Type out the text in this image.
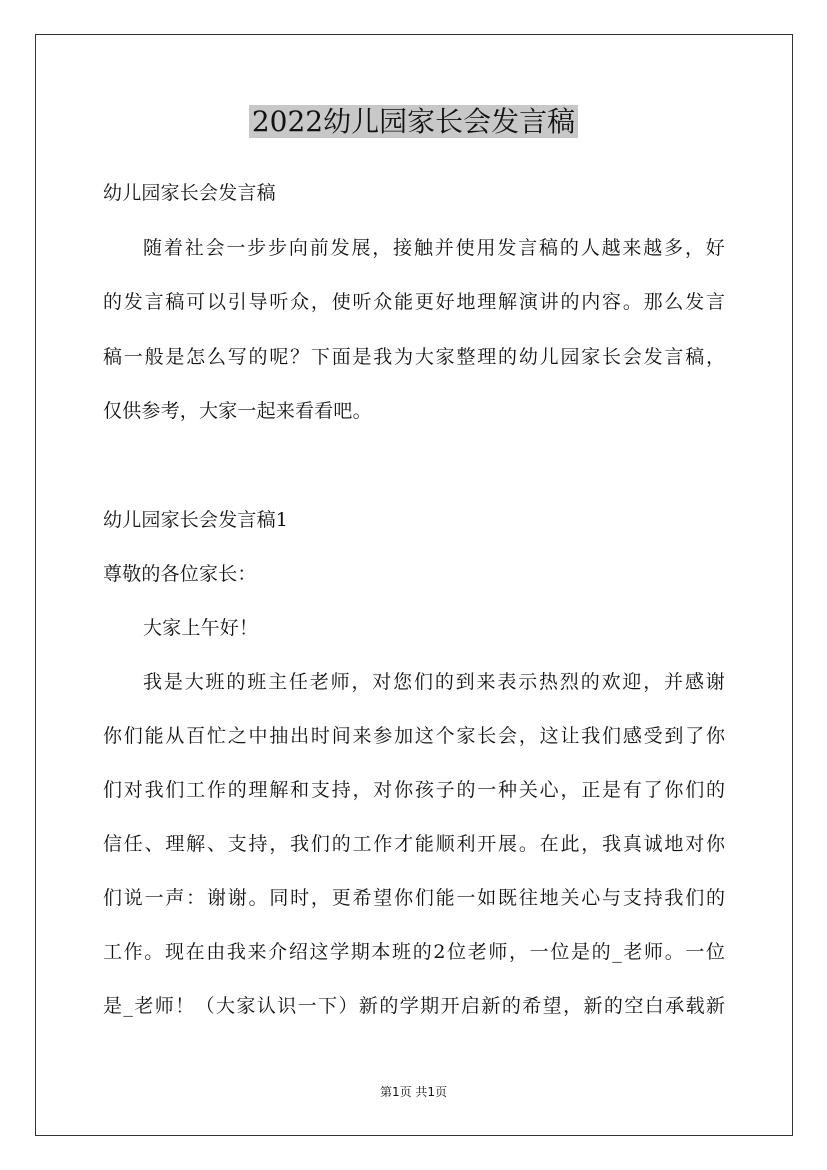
2022幼儿园家长会发言稿

幼儿园家长会发言稿

随着社会一步步向前发展，接触并使用发言稿的人越来越多，好

的发言稿可以引导听众，使听众能更好地理解演讲的内容。那么发言

稿一般是怎么写的呢？下面是我为大家整理的幼儿园家长会发言稿，

仅供参考，大家一起来看看吧。

幼儿园家长会发言稿1

尊敬的各位家长：

大家上午好！

我是大班的班主任老师，对您们的到来表示热烈的欢迎，并感谢

你们能从百忙之中抽出时间来参加这个家长会，这让我们感受到了你

们对我们工作的理解和支持，对你孩子的一种关心，正是有了你们的

信任、理解、支持，我们的工作才能顺利开展。在此，我真诚地对你

们说一声：谢谢。同时，更希望你们能一如既往地关心与支持我们的

工作。现在由我来介绍这学期本班的2位老师，一位是的_老师。一位

是_老师！（大家认识一下）新的学期开启新的希望，新的空白承载新

第1页 共1页
